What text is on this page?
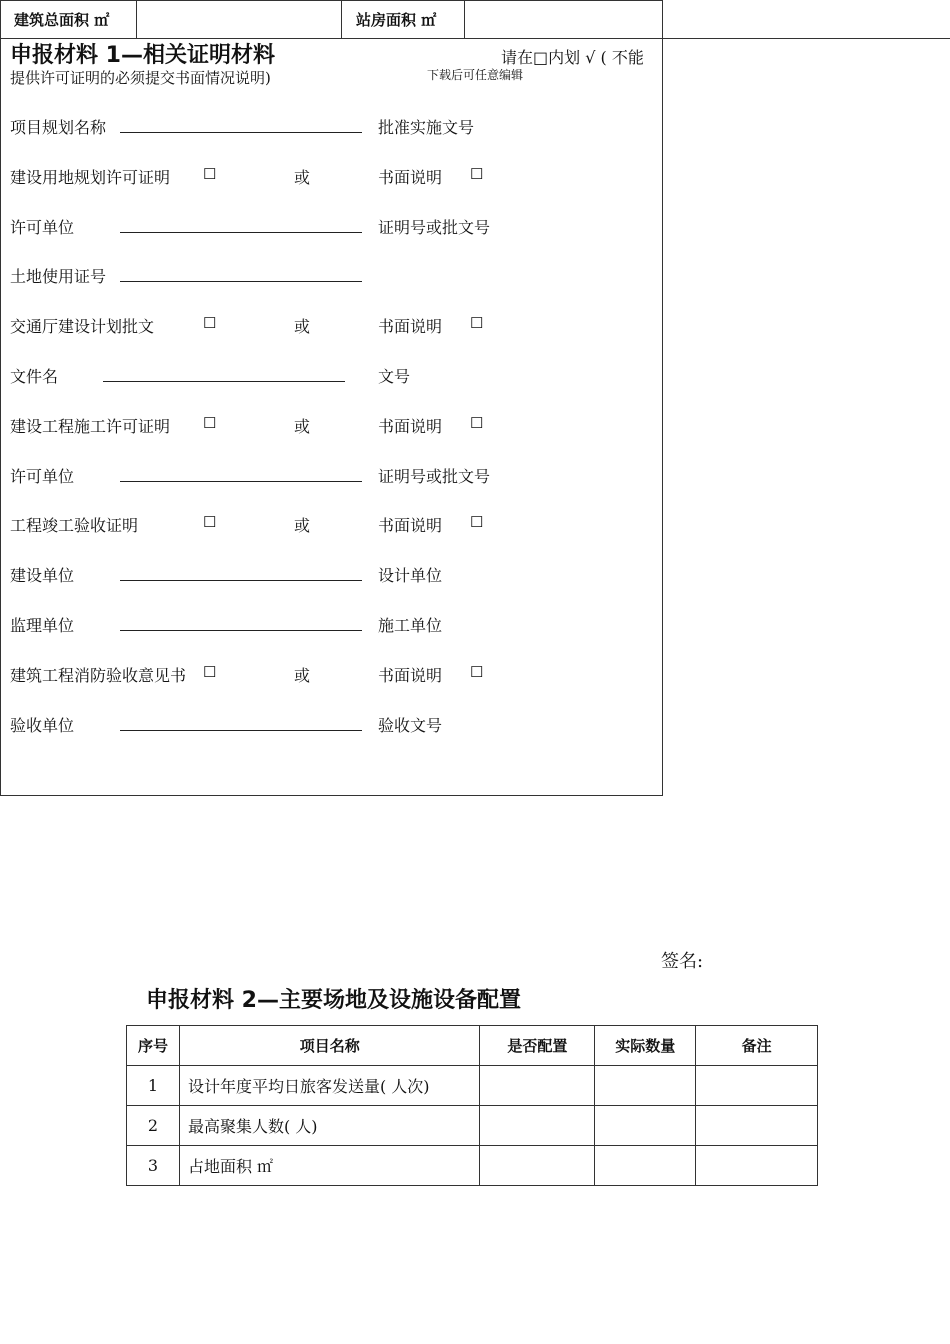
下载后可任意编辑
建筑总面积 ㎡	站房面积 ㎡
申报材料 1—相关证明材料	请在□内划 √ ( 不能
提供许可证明的必须提交书面情况说明)
项目规划名称	批准实施文号
建设用地规划许可证明 ☐	或	书面说明 ☐
许可单位	证明号或批文号
土地使用证号
交通厅建设计划批文	☐	或	书面说明 ☐
文件名	文号
建设工程施工许可证明 ☐	或	书面说明 ☐
许可单位	证明号或批文号
工程竣工验收证明	☐	或	书面说明 ☐
建设单位	设计单位
监理单位	施工单位
建筑工程消防验收意见书 ☐	或	书面说明 ☐
验收单位	验收文号
签名:
申报材料 2—主要场地及设施设备配置
序号	项目名称	是否配置	实际数量	备注
1	设计年度平均日旅客发送量( 人次)			
2	最高聚集人数( 人)			
3	占地面积 ㎡			
